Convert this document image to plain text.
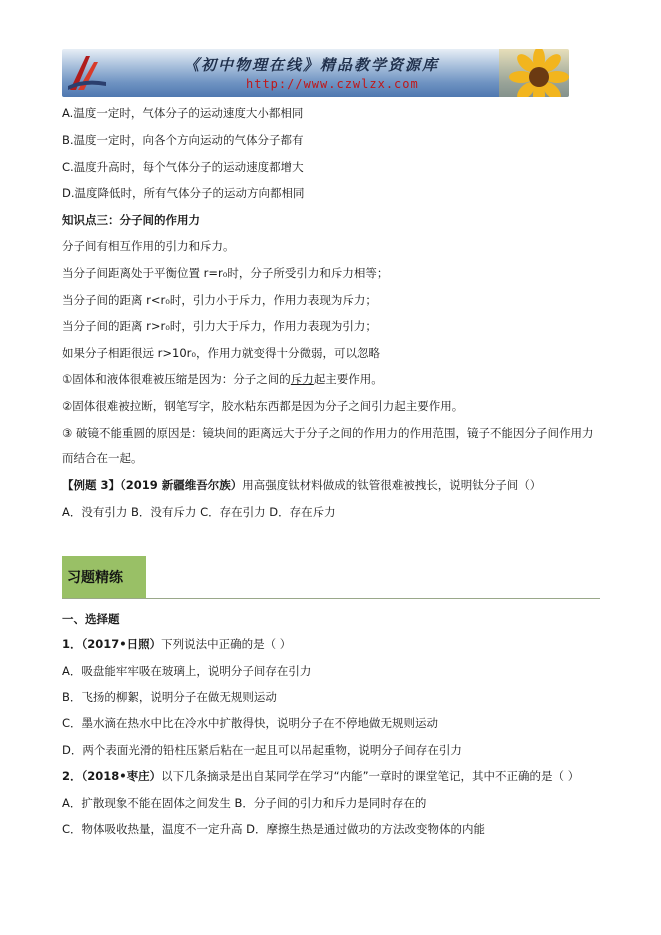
《初中物理在线》精品教学资源库
http://www.czwlzx.com
A.温度一定时，气体分子的运动速度大小都相同
B.温度一定时，向各个方向运动的气体分子都有
C.温度升高时，每个气体分子的运动速度都增大
D.温度降低时，所有气体分子的运动方向都相同
知识点三：分子间的作用力
分子间有相互作用的引力和斥力。
当分子间距离处于平衡位置 r=r₀时，分子所受引力和斥力相等；
当分子间的距离 r<r₀时，引力小于斥力，作用力表现为斥力；
当分子间的距离 r>r₀时，引力大于斥力，作用力表现为引力；
如果分子相距很远 r>10r₀，作用力就变得十分微弱，可以忽略
①固体和液体很难被压缩是因为：分子之间的斥力起主要作用。
②固体很难被拉断，钢笔写字，胶水粘东西都是因为分子之间引力起主要作用。
③ 破镜不能重圆的原因是：镜块间的距离远大于分子之间的作用力的作用范围，镜子不能因分子间作用力
而结合在一起。
【例题 3】（2019 新疆维吾尔族）用高强度钛材料做成的钛管很难被拽长，说明钛分子间（）
A．没有引力 B．没有斥力 C．存在引力 D．存在斥力
习题精练
一、选择题
1．（2017•日照）下列说法中正确的是（ ）
A．吸盘能牢牢吸在玻璃上，说明分子间存在引力
B．飞扬的柳絮，说明分子在做无规则运动
C．墨水滴在热水中比在冷水中扩散得快，说明分子在不停地做无规则运动
D．两个表面光滑的铅柱压紧后粘在一起且可以吊起重物，说明分子间存在引力
2．（2018•枣庄）以下几条摘录是出自某同学在学习“内能”一章时的课堂笔记，其中不正确的是（ ）
A．扩散现象不能在固体之间发生 B．分子间的引力和斥力是同时存在的
C．物体吸收热量，温度不一定升高 D．摩擦生热是通过做功的方法改变物体的内能
